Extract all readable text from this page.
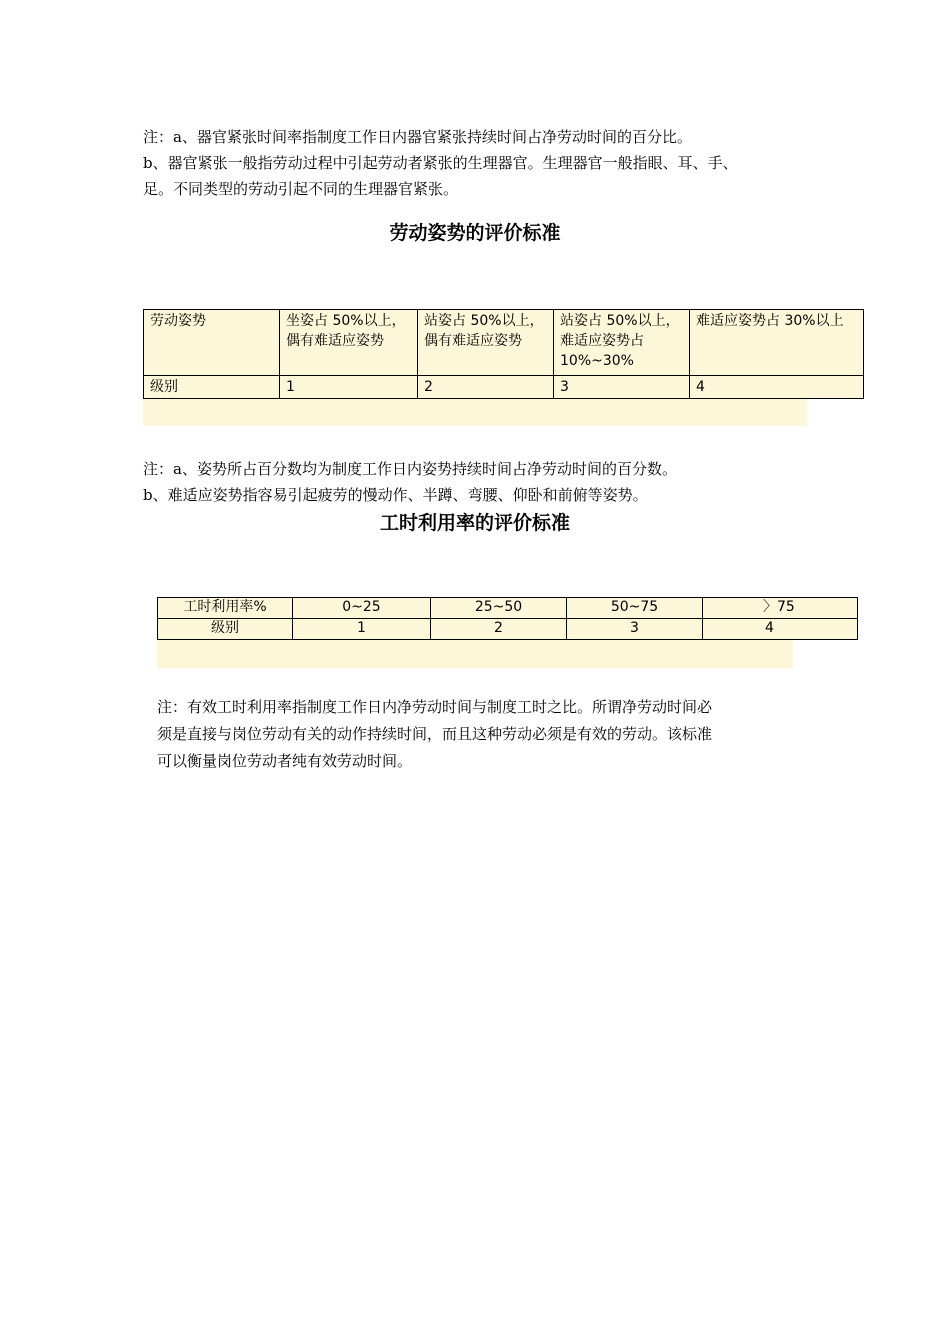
注：a、器官紧张时间率指制度工作日内器官紧张持续时间占净劳动时间的百分比。
b、器官紧张一般指劳动过程中引起劳动者紧张的生理器官。生理器官一般指眼、耳、手、
足。不同类型的劳动引起不同的生理器官紧张。
劳动姿势的评价标准
劳动姿势	坐姿占 50%以上，偶有难适应姿势	站姿占 50%以上，偶有难适应姿势	站姿占 50%以上，难适应姿势占 10%~30%	难适应姿势占 30%以上
级别	1	2	3	4
注：a、姿势所占百分数均为制度工作日内姿势持续时间占净劳动时间的百分数。
b、难适应姿势指容易引起疲劳的慢动作、半蹲、弯腰、仰卧和前俯等姿势。
工时利用率的评价标准
工时利用率%	0~25	25~50	50~75	〉75
级别	1	2	3	4
注：有效工时利用率指制度工作日内净劳动时间与制度工时之比。所谓净劳动时间必
须是直接与岗位劳动有关的动作持续时间，而且这种劳动必须是有效的劳动。该标准
可以衡量岗位劳动者纯有效劳动时间。
